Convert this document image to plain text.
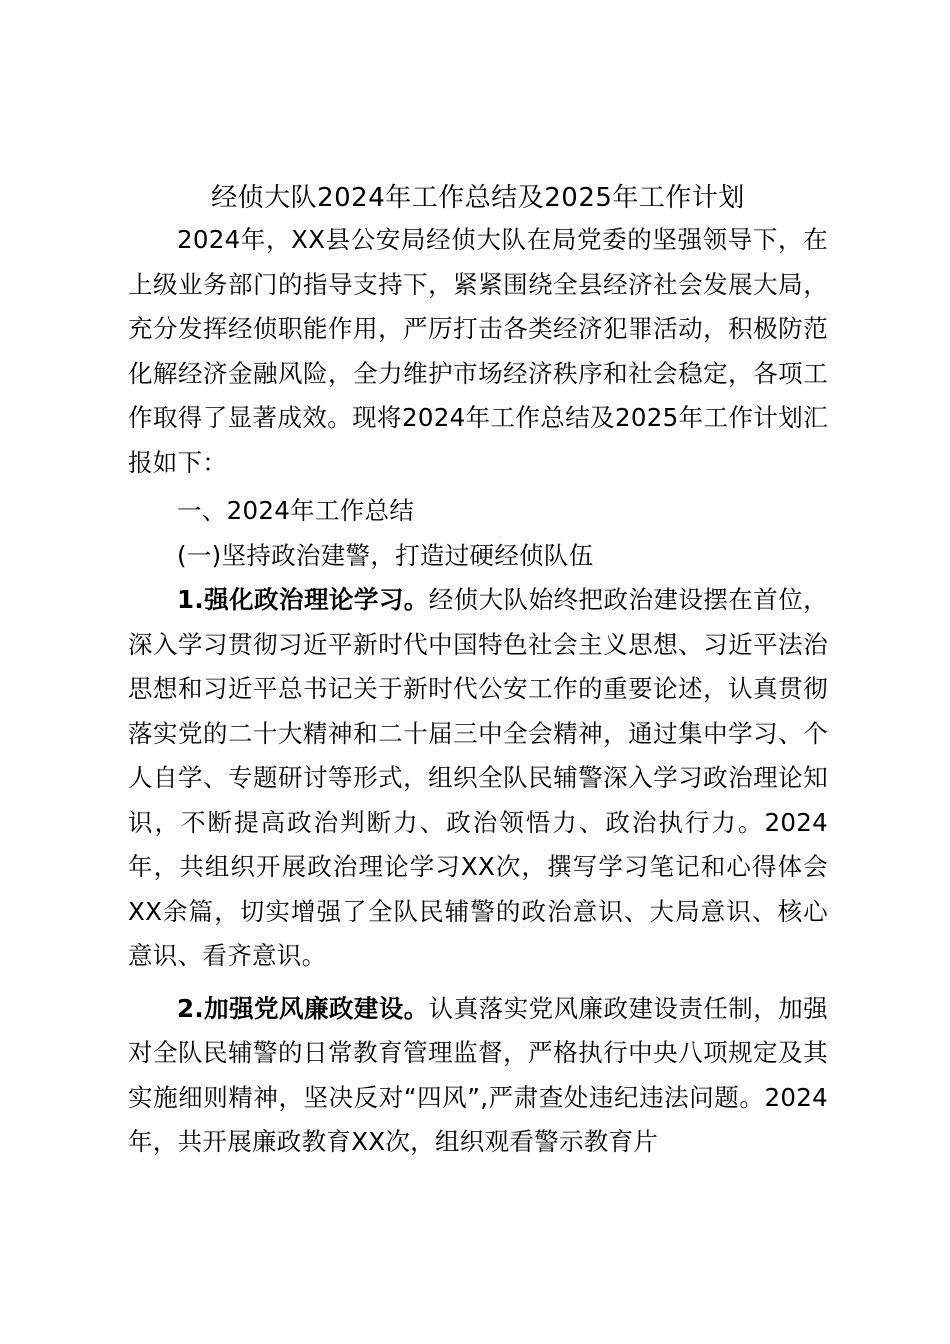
经侦大队2024年工作总结及2025年工作计划

2024年，XX县公安局经侦大队在局党委的坚强领导下，在上级业务部门的指导支持下，紧紧围绕全县经济社会发展大局，充分发挥经侦职能作用，严厉打击各类经济犯罪活动，积极防范化解经济金融风险，全力维护市场经济秩序和社会稳定，各项工作取得了显著成效。现将2024年工作总结及2025年工作计划汇报如下：

一、2024年工作总结

(一)坚持政治建警，打造过硬经侦队伍

1.强化政治理论学习。经侦大队始终把政治建设摆在首位，深入学习贯彻习近平新时代中国特色社会主义思想、习近平法治思想和习近平总书记关于新时代公安工作的重要论述，认真贯彻落实党的二十大精神和二十届三中全会精神，通过集中学习、个人自学、专题研讨等形式，组织全队民辅警深入学习政治理论知识，不断提高政治判断力、政治领悟力、政治执行力。2024年，共组织开展政治理论学习XX次，撰写学习笔记和心得体会XX余篇，切实增强了全队民辅警的政治意识、大局意识、核心意识、看齐意识。

2.加强党风廉政建设。认真落实党风廉政建设责任制，加强对全队民辅警的日常教育管理监督，严格执行中央八项规定及其实施细则精神，坚决反对“四风”,严肃查处违纪违法问题。2024年，共开展廉政教育XX次，组织观看警示教育片
